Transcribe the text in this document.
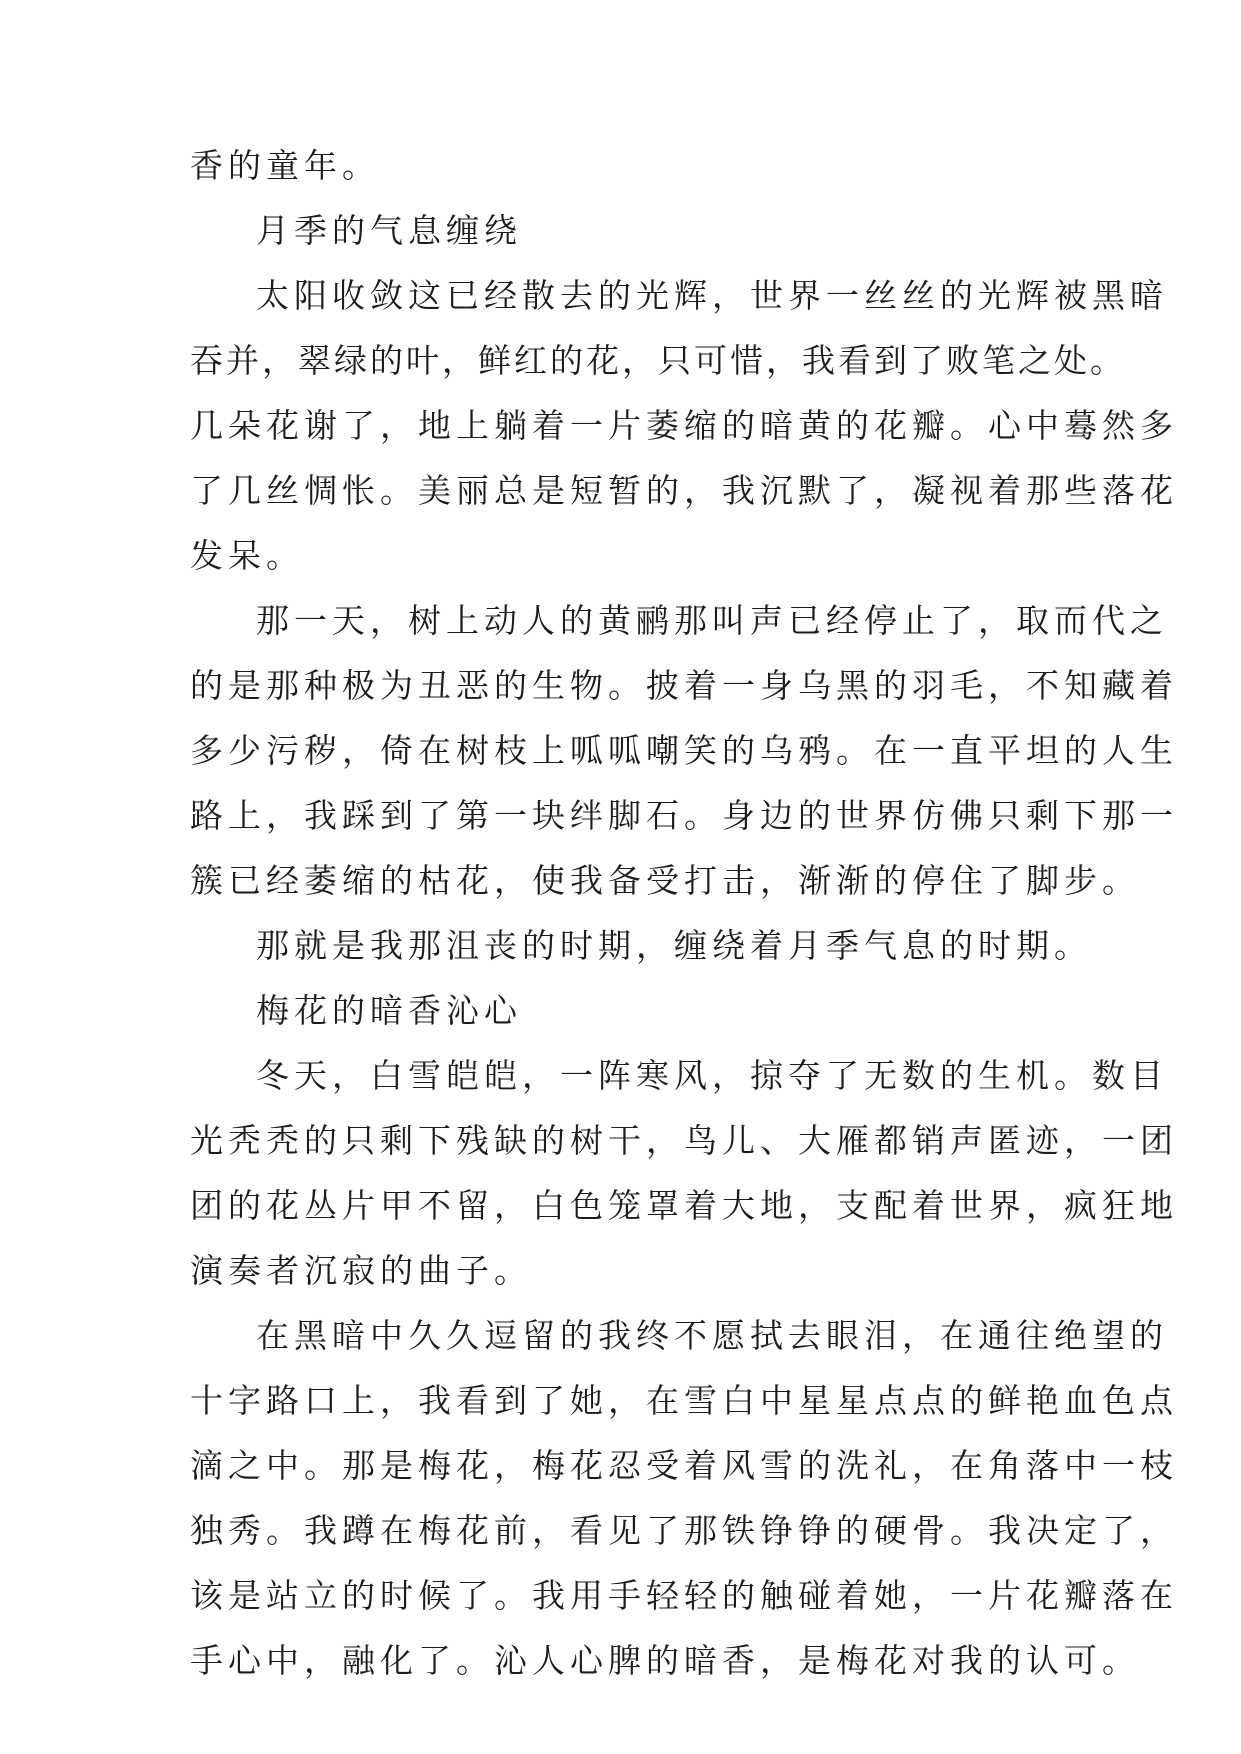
香的童年。
月季的气息缠绕
太阳收敛这已经散去的光辉，世界一丝丝的光辉被黑暗
吞并，翠绿的叶，鲜红的花，只可惜，我看到了败笔之处。
几朵花谢了，地上躺着一片萎缩的暗黄的花瓣。心中蓦然多
了几丝惆怅。美丽总是短暂的，我沉默了，凝视着那些落花
发呆。
那一天，树上动人的黄鹂那叫声已经停止了，取而代之
的是那种极为丑恶的生物。披着一身乌黑的羽毛，不知藏着
多少污秽，倚在树枝上呱呱嘲笑的乌鸦。在一直平坦的人生
路上，我踩到了第一块绊脚石。身边的世界仿佛只剩下那一
簇已经萎缩的枯花，使我备受打击，渐渐的停住了脚步。
那就是我那沮丧的时期，缠绕着月季气息的时期。
梅花的暗香沁心
冬天，白雪皑皑，一阵寒风，掠夺了无数的生机。数目
光秃秃的只剩下残缺的树干，鸟儿、大雁都销声匿迹，一团
团的花丛片甲不留，白色笼罩着大地，支配着世界，疯狂地
演奏者沉寂的曲子。
在黑暗中久久逗留的我终不愿拭去眼泪，在通往绝望的
十字路口上，我看到了她，在雪白中星星点点的鲜艳血色点
滴之中。那是梅花，梅花忍受着风雪的洗礼，在角落中一枝
独秀。我蹲在梅花前，看见了那铁铮铮的硬骨。我决定了，
该是站立的时候了。我用手轻轻的触碰着她，一片花瓣落在
手心中，融化了。沁人心脾的暗香，是梅花对我的认可。
